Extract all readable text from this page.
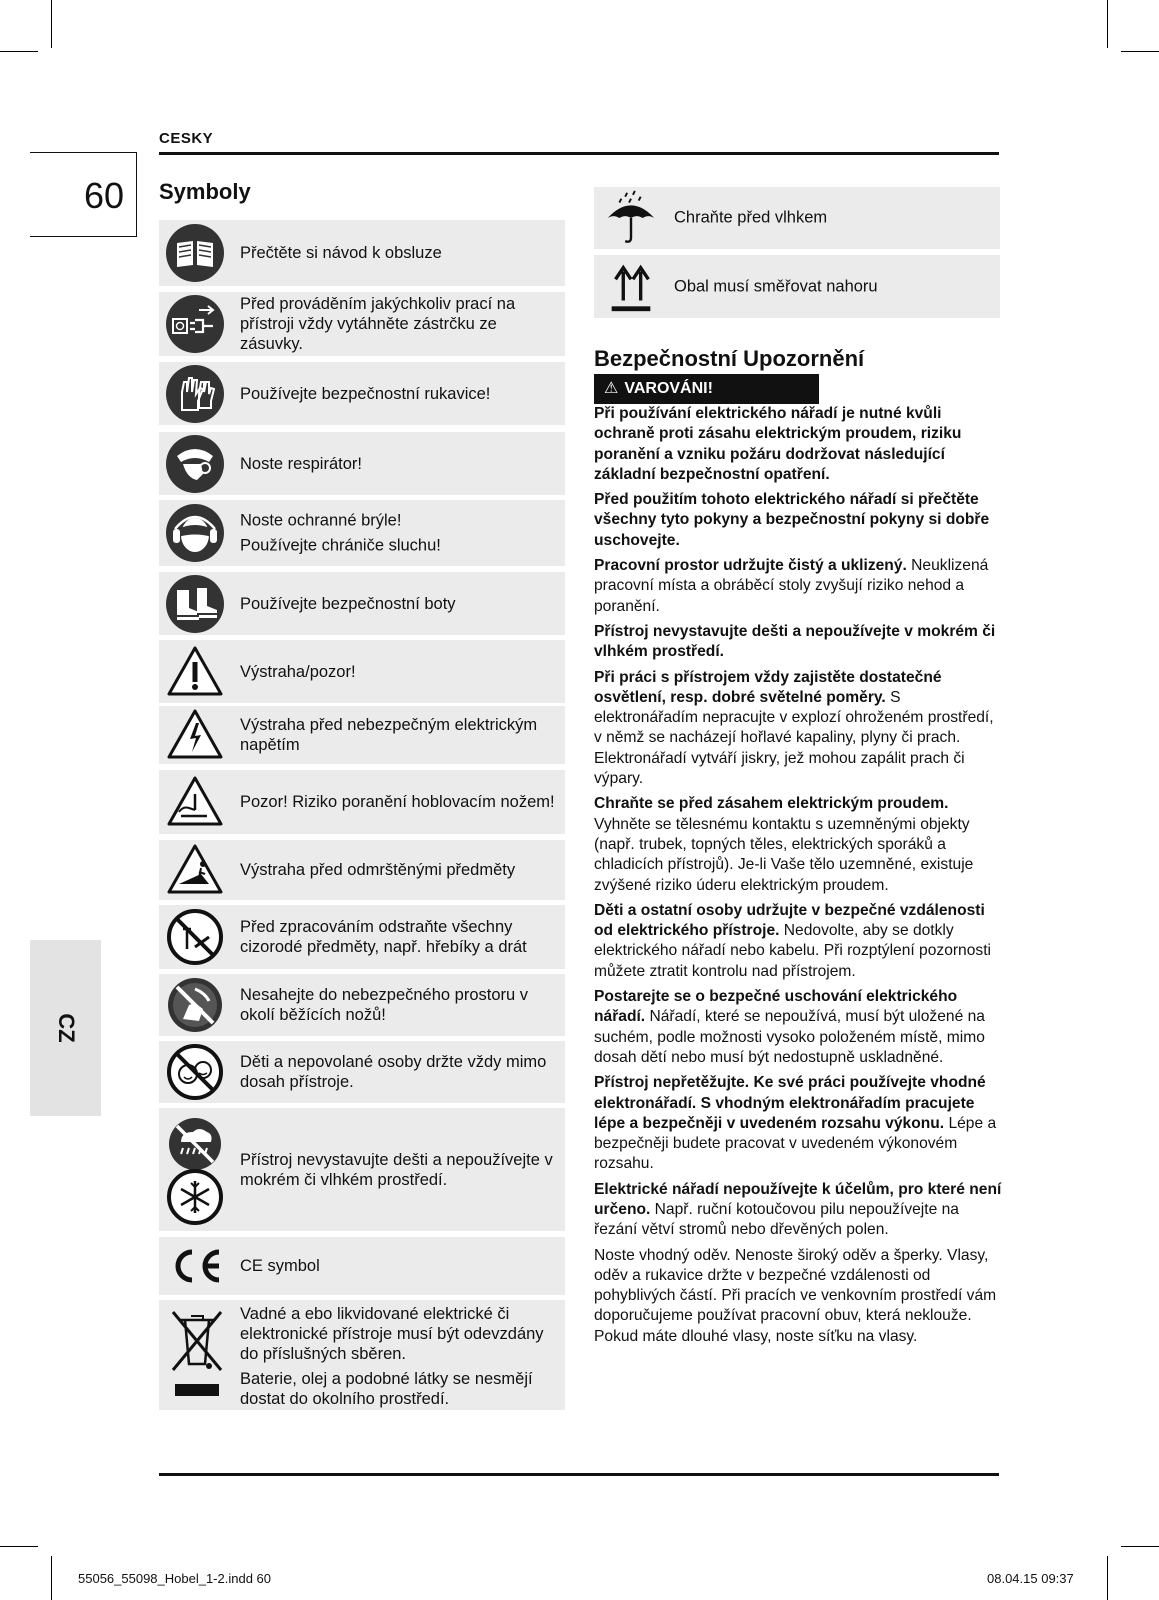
CESKY
60
CZ
Symboly
Přečtěte si návod k obsluze
Před prováděním jakýchkoliv prací na přístroji vždy vytáhněte zástrčku ze zásuvky.
Používejte bezpečnostní rukavice!
Noste respirátor!
Noste ochranné brýle!
Používejte chrániče sluchu!
Používejte bezpečnostní boty
Výstraha/pozor!
Výstraha před nebezpečným elektrickým napětím
Pozor! Riziko poranění hoblovacím nožem!
Výstraha před odmrštěnými předměty
Před zpracováním odstraňte všechny cizorodé předměty, např. hřebíky a drát
Nesahejte do nebezpečného prostoru v okolí běžících nožů!
Děti a nepovolané osoby držte vždy mimo dosah přístroje.
Přístroj nevystavujte dešti a nepoužívejte v mokrém či vlhkém prostředí.
CE symbol
Vadné a ebo likvidované elektrické či elektronické přístroje musí být odevzdány do příslušných sběren.
Baterie, olej a podobné látky se nesmějí dostat do okolního prostředí.
Chraňte před vlhkem
Obal musí směřovat nahoru
Bezpečnostní Upozornění
⚠ VAROVÁNI!

Při používání elektrického nářadí je nutné kvůli ochraně proti zásahu elektrickým proudem, riziku poranění a vzniku požáru dodržovat následující základní bezpečnostní opatření.

Před použitím tohoto elektrického nářadí si přečtěte všechny tyto pokyny a bezpečnostní pokyny si dobře uschovejte.

Pracovní prostor udržujte čistý a uklizený. Neuklizená pracovní místa a obráběcí stoly zvyšují riziko nehod a poranění.

Přístroj nevystavujte dešti a nepoužívejte v mokrém či vlhkém prostředí.

Při práci s přístrojem vždy zajistěte dostatečné osvětlení, resp. dobré světelné poměry. S elektronářadím nepracujte v explozí ohroženém prostředí, v němž se nacházejí hořlavé kapaliny, plyny či prach. Elektronářadí vytváří jiskry, jež mohou zapálit prach či výpary.

Chraňte se před zásahem elektrickým proudem. Vyhněte se tělesnému kontaktu s uzemněnými objekty (např. trubek, topných těles, elektrických sporáků a chladicích přístrojů). Je-li Vaše tělo uzemněné, existuje zvýšené riziko úderu elektrickým proudem.

Děti a ostatní osoby udržujte v bezpečné vzdálenosti od elektrického přístroje. Nedovolte, aby se dotkly elektrického nářadí nebo kabelu. Při rozptýlení pozornosti můžete ztratit kontrolu nad přístrojem.

Postarejte se o bezpečné uschování elektrického nářadí. Nářadí, které se nepoužívá, musí být uložené na suchém, podle možnosti vysoko položeném místě, mimo dosah dětí nebo musí být nedostupně uskladněné.

Přístroj nepřetěžujte. Ke své práci používejte vhodné elektronářadí. S vhodným elektronářadím pracujete lépe a bezpečněji v uvedeném rozsahu výkonu. Lépe a bezpečněji budete pracovat v uvedeném výkonovém rozsahu.

Elektrické nářadí nepoužívejte k účelům, pro které není určeno. Např. ruční kotoučovou pilu nepoužívejte na řezání větví stromů nebo dřevěných polen.

Noste vhodný oděv. Nenoste široký oděv a šperky. Vlasy, oděv a rukavice držte v bezpečné vzdálenosti od pohyblivých částí. Při pracích ve venkovním prostředí vám doporučujeme používat pracovní obuv, která neklouže. Pokud máte dlouhé vlasy, noste síťku na vlasy.

55056_55098_Hobel_1-2.indd 60	08.04.15 09:37
